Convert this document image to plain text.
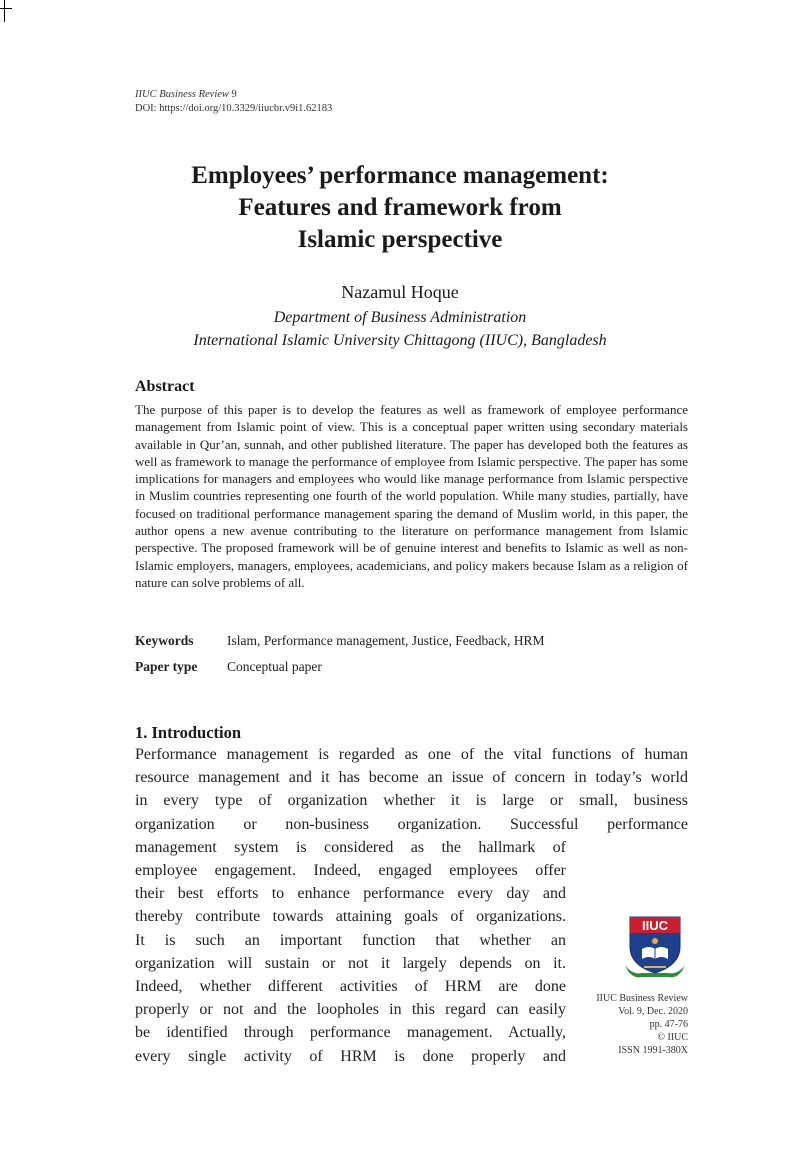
IIUC Business Review 9
DOI: https://doi.org/10.3329/iiucbr.v9i1.62183
Employees’ performance management:
Features and framework from
Islamic perspective
Nazamul Hoque
Department of Business Administration
International Islamic University Chittagong (IIUC), Bangladesh
Abstract
The purpose of this paper is to develop the features as well as framework of employee performance management from Islamic point of view. This is a conceptual paper written using secondary materials available in Qur’an, sunnah, and other published literature. The paper has developed both the features as well as framework to manage the performance of employee from Islamic perspective. The paper has some implications for managers and employees who would like manage performance from Islamic perspective in Muslim countries representing one fourth of the world population. While many studies, partially, have focused on traditional performance management sparing the demand of Muslim world, in this paper, the author opens a new avenue contributing to the literature on performance management from Islamic perspective. The proposed framework will be of genuine interest and benefits to Islamic as well as non-Islamic employers, managers, employees, academicians, and policy makers because Islam as a religion of nature can solve problems of all.
Keywords Islam, Performance management, Justice, Feedback, HRM
Paper type Conceptual paper
1. Introduction
Performance management is regarded as one of the vital functions of human
resource management and it has become an issue of concern in today’s world
in every type of organization whether it is large or small, business
organization or non-business organization. Successful performance
management system is considered as the hallmark of
employee engagement. Indeed, engaged employees offer
their best efforts to enhance performance every day and
thereby contribute towards attaining goals of organizations.
It is such an important function that whether an
organization will sustain or not it largely depends on it.
Indeed, whether different activities of HRM are done
properly or not and the loopholes in this regard can easily
be identified through performance management. Actually,
every single activity of HRM is done properly and
IIUC
IIUC Business Review
Vol. 9, Dec. 2020
pp. 47-76
© IIUC
ISSN 1991-380X
